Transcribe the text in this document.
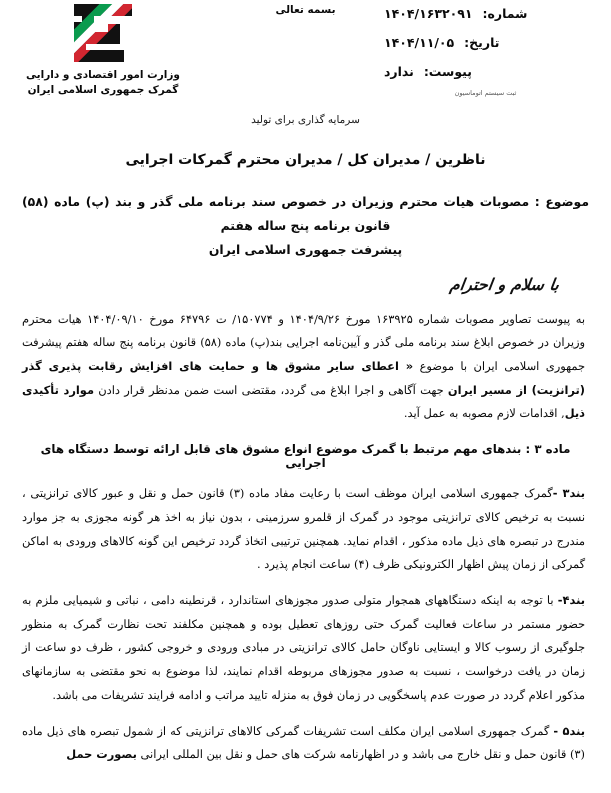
شماره:
۱۴۰۴/۱۶۳۲۰۹۱
تاریخ:
۱۴۰۴/۱۱/۰۵
پیوست:
ندارد
ثبت سیستم اتوماسیون
بسمه تعالی
وزارت امور اقتصادی و دارایی
گمرک جمهوری اسلامی ایران
سرمایه گذاری برای تولید
ناظرین / مدیران کل / مدیران محترم گمرکات اجرایی
موضوع : مصوبات هیات محترم وزیران در خصوص سند برنامه ملی گذر و بند (پ) ماده (۵۸) قانون برنامه پنج ساله هفتم
پیشرفت جمهوری اسلامی ایران
با سلام و احترام
به پیوست تصاویر مصوبات شماره ۱۶۳۹۲۵ مورخ ۱۴۰۴/۹/۲۶ و ۱۵۰۷۷۴/ ت ۶۴۷۹۶ مورخ ۱۴۰۴/۰۹/۱۰ هیات محترم وزیران در خصوص ابلاغ سند برنامه ملی گذر و آیین‌نامه اجرایی بند(پ) ماده (۵۸) قانون برنامه پنج ساله هفتم پیشرفت جمهوری اسلامی ایران با موضوع « اعطای سایر مشوق ها و حمایت های افزایش رقابت پذیری گذر (ترانزیت) از مسیر ایران جهت آگاهی و اجرا ابلاغ می گردد، مقتضی است ضمن مدنظر قرار دادن موارد تأکیدی ذیل, اقدامات لازم مصوبه به عمل آید.
ماده ۳ : بندهای مهم مرتبط با گمرک موضوع انواع مشوق های قابل ارائه توسط دستگاه های اجرایی
بند۳ -گمرک جمهوری اسلامی ایران موظف است با رعایت مفاد ماده (۳) قانون حمل و نقل و عبور کالای ترانزیتی ، نسبت به ترخیص کالای ترانزیتی موجود در گمرک از قلمرو سرزمینی ، بدون نیاز به اخذ هر گونه مجوزی به جز موارد مندرج در تبصره های ذیل ماده مذکور ، اقدام نماید. همچنین ترتیبی اتخاذ گردد ترخیص این گونه کالاهای ورودی به اماکن گمرکی از زمان پیش اظهار الکترونیکی ظرف (۴) ساعت انجام پذیرد .
بند۴- با توجه به اینکه دستگاههای همجوار متولی صدور مجوزهای استاندارد ، قرنطینه دامی ، نباتی و شیمیایی ملزم به حضور مستمر در ساعات فعالیت گمرک حتی روزهای تعطیل بوده و همچنین مکلفند تحت نظارت گمرک به منظور جلوگیری از رسوب کالا و ایستایی ناوگان حامل کالای ترانزیتی در مبادی ورودی و خروجی کشور ، ظرف دو ساعت از زمان در یافت درخواست ، نسبت به صدور مجوزهای مربوطه اقدام نمایند، لذا موضوع به نحو مقتضی به سازمانهای مذکور اعلام گردد در صورت عدم پاسخگویی در زمان فوق به منزله تایید مراتب و ادامه فرایند تشریفات می باشد.
بند۵ - گمرک جمهوری اسلامی ایران مکلف است تشریفات گمرکی کالاهای ترانزیتی که از شمول تبصره های ذیل ماده (۳) قانون حمل و نقل خارج می باشد و در اظهارنامه شرکت های حمل و نقل بین المللی ایرانی بصورت حمل
